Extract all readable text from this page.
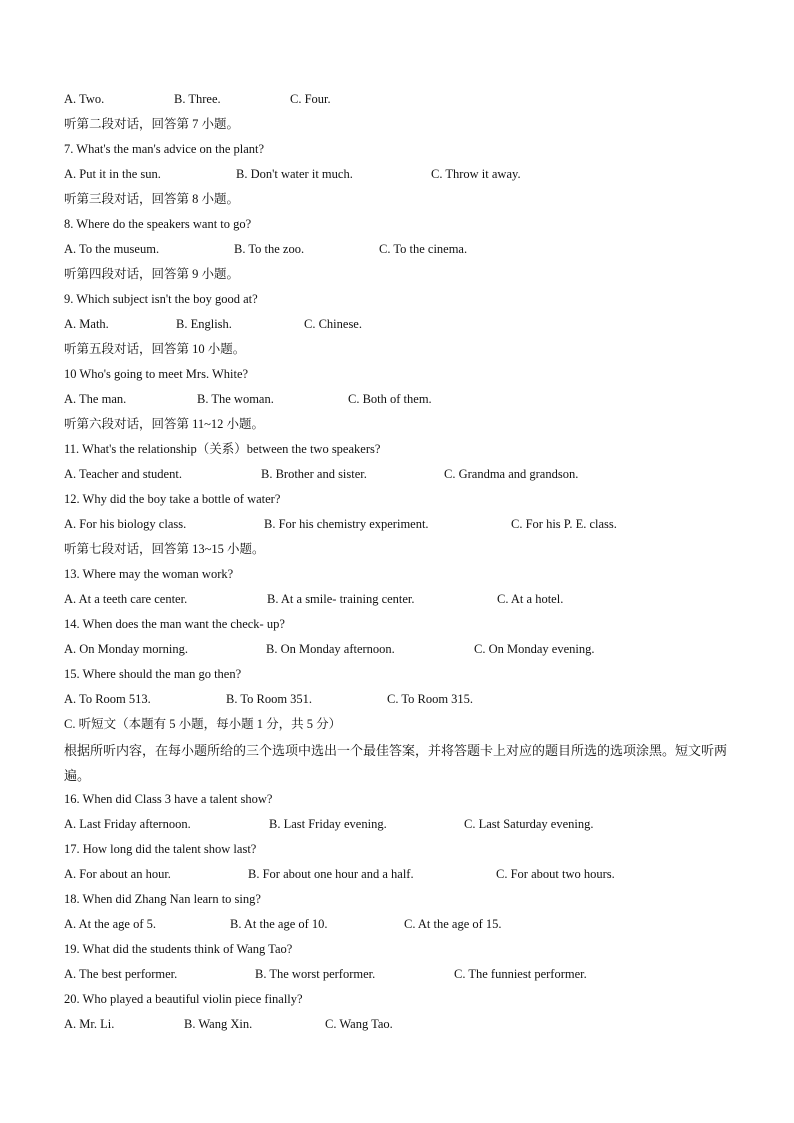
A. Two.	B. Three.	C. Four.
听第二段对话，回答第 7 小题。
7. What's the man's advice on the plant?
A. Put it in the sun.	B. Don't water it much.	C. Throw it away.
听第三段对话，回答第 8 小题。
8. Where do the speakers want to go?
A. To the museum.	B. To the zoo.	C. To the cinema.
听第四段对话，回答第 9 小题。
9. Which subject isn't the boy good at?
A. Math.	B. English.	C. Chinese.
听第五段对话，回答第 10 小题。
10 Who's going to meet Mrs. White?
A. The man.	B. The woman.	C. Both of them.
听第六段对话，回答第 11~12 小题。
11. What's the relationship（关系）between the two speakers?
A. Teacher and student.	B. Brother and sister.	C. Grandma and grandson.
12. Why did the boy take a bottle of water?
A. For his biology class.	B. For his chemistry experiment.	C. For his P. E. class.
听第七段对话，回答第 13~15 小题。
13. Where may the woman work?
A. At a teeth care center.	B. At a smile- training center.	C. At a hotel.
14. When does the man want the check- up?
A. On Monday morning.	B. On Monday afternoon.	C. On Monday evening.
15. Where should the man go then?
A. To Room 513.	B. To Room 351.	C. To Room 315.
C. 听短文（本题有 5 小题，每小题 1 分，共 5 分）
根据所听内容，在每小题所给的三个选项中选出一个最佳答案，并将答题卡上对应的题目所选的选项涂黑。短文听两遍。
16. When did Class 3 have a talent show?
A. Last Friday afternoon.	B. Last Friday evening.	C. Last Saturday evening.
17. How long did the talent show last?
A. For about an hour.	B. For about one hour and a half.	C. For about two hours.
18. When did Zhang Nan learn to sing?
A. At the age of 5.	B. At the age of 10.	C. At the age of 15.
19. What did the students think of Wang Tao?
A. The best performer.	B. The worst performer.	C. The funniest performer.
20. Who played a beautiful violin piece finally?
A. Mr. Li.	B. Wang Xin.	C. Wang Tao.
